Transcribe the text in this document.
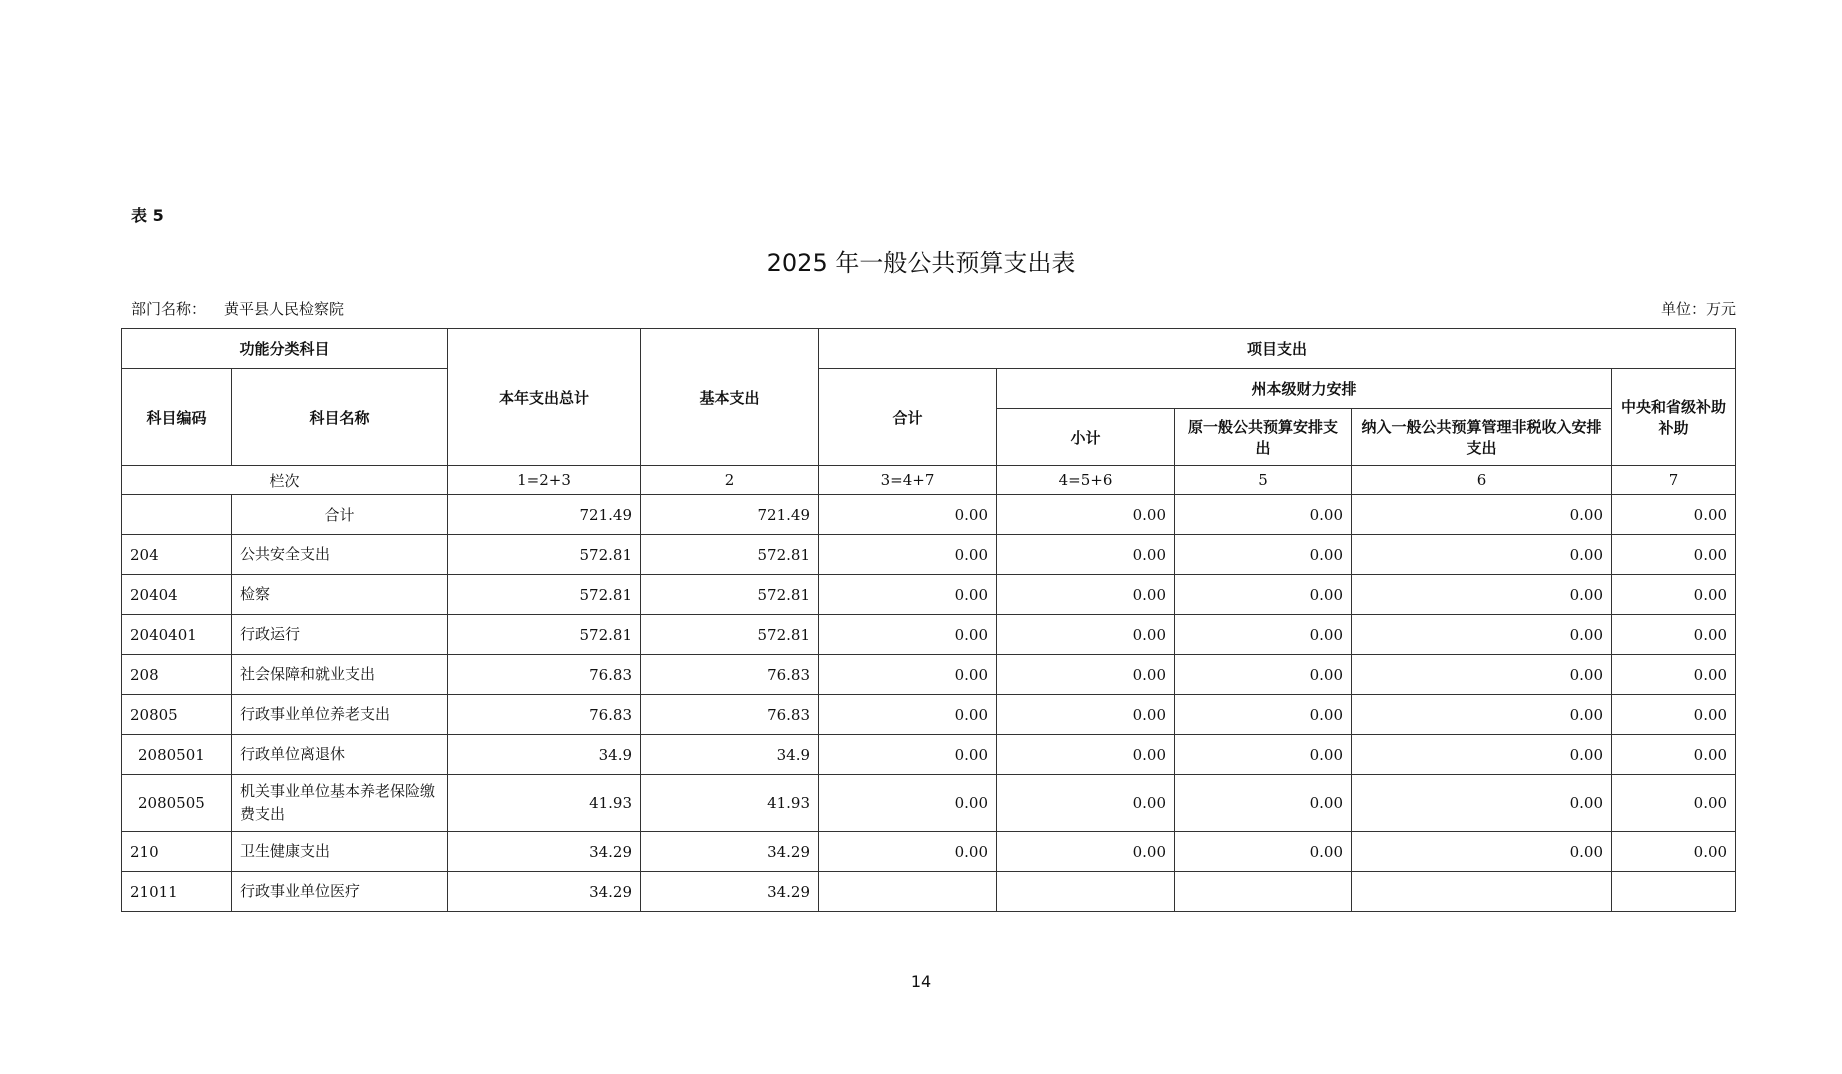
表 5
2025 年一般公共预算支出表
部门名称： 黄平县人民检察院	单位：万元
功能分类科目		本年支出总计	基本支出	项目支出				
科目编码	科目名称			合计	州本级财力安排			中央和省级补助补助
					小计	原一般公共预算安排支出	纳入一般公共预算管理非税收入安排支出	
栏次		1=2+3	2	3=4+7	4=5+6	5	6	7
	合计	721.49	721.49	0.00	0.00	0.00	0.00	0.00
204	公共安全支出	572.81	572.81	0.00	0.00	0.00	0.00	0.00
20404	检察	572.81	572.81	0.00	0.00	0.00	0.00	0.00
2040401	行政运行	572.81	572.81	0.00	0.00	0.00	0.00	0.00
208	社会保障和就业支出	76.83	76.83	0.00	0.00	0.00	0.00	0.00
20805	行政事业单位养老支出	76.83	76.83	0.00	0.00	0.00	0.00	0.00
2080501	行政单位离退休	34.9	34.9	0.00	0.00	0.00	0.00	0.00
2080505	机关事业单位基本养老保险缴费支出	41.93	41.93	0.00	0.00	0.00	0.00	0.00
210	卫生健康支出	34.29	34.29	0.00	0.00	0.00	0.00	0.00
21011	行政事业单位医疗	34.29	34.29					
14
